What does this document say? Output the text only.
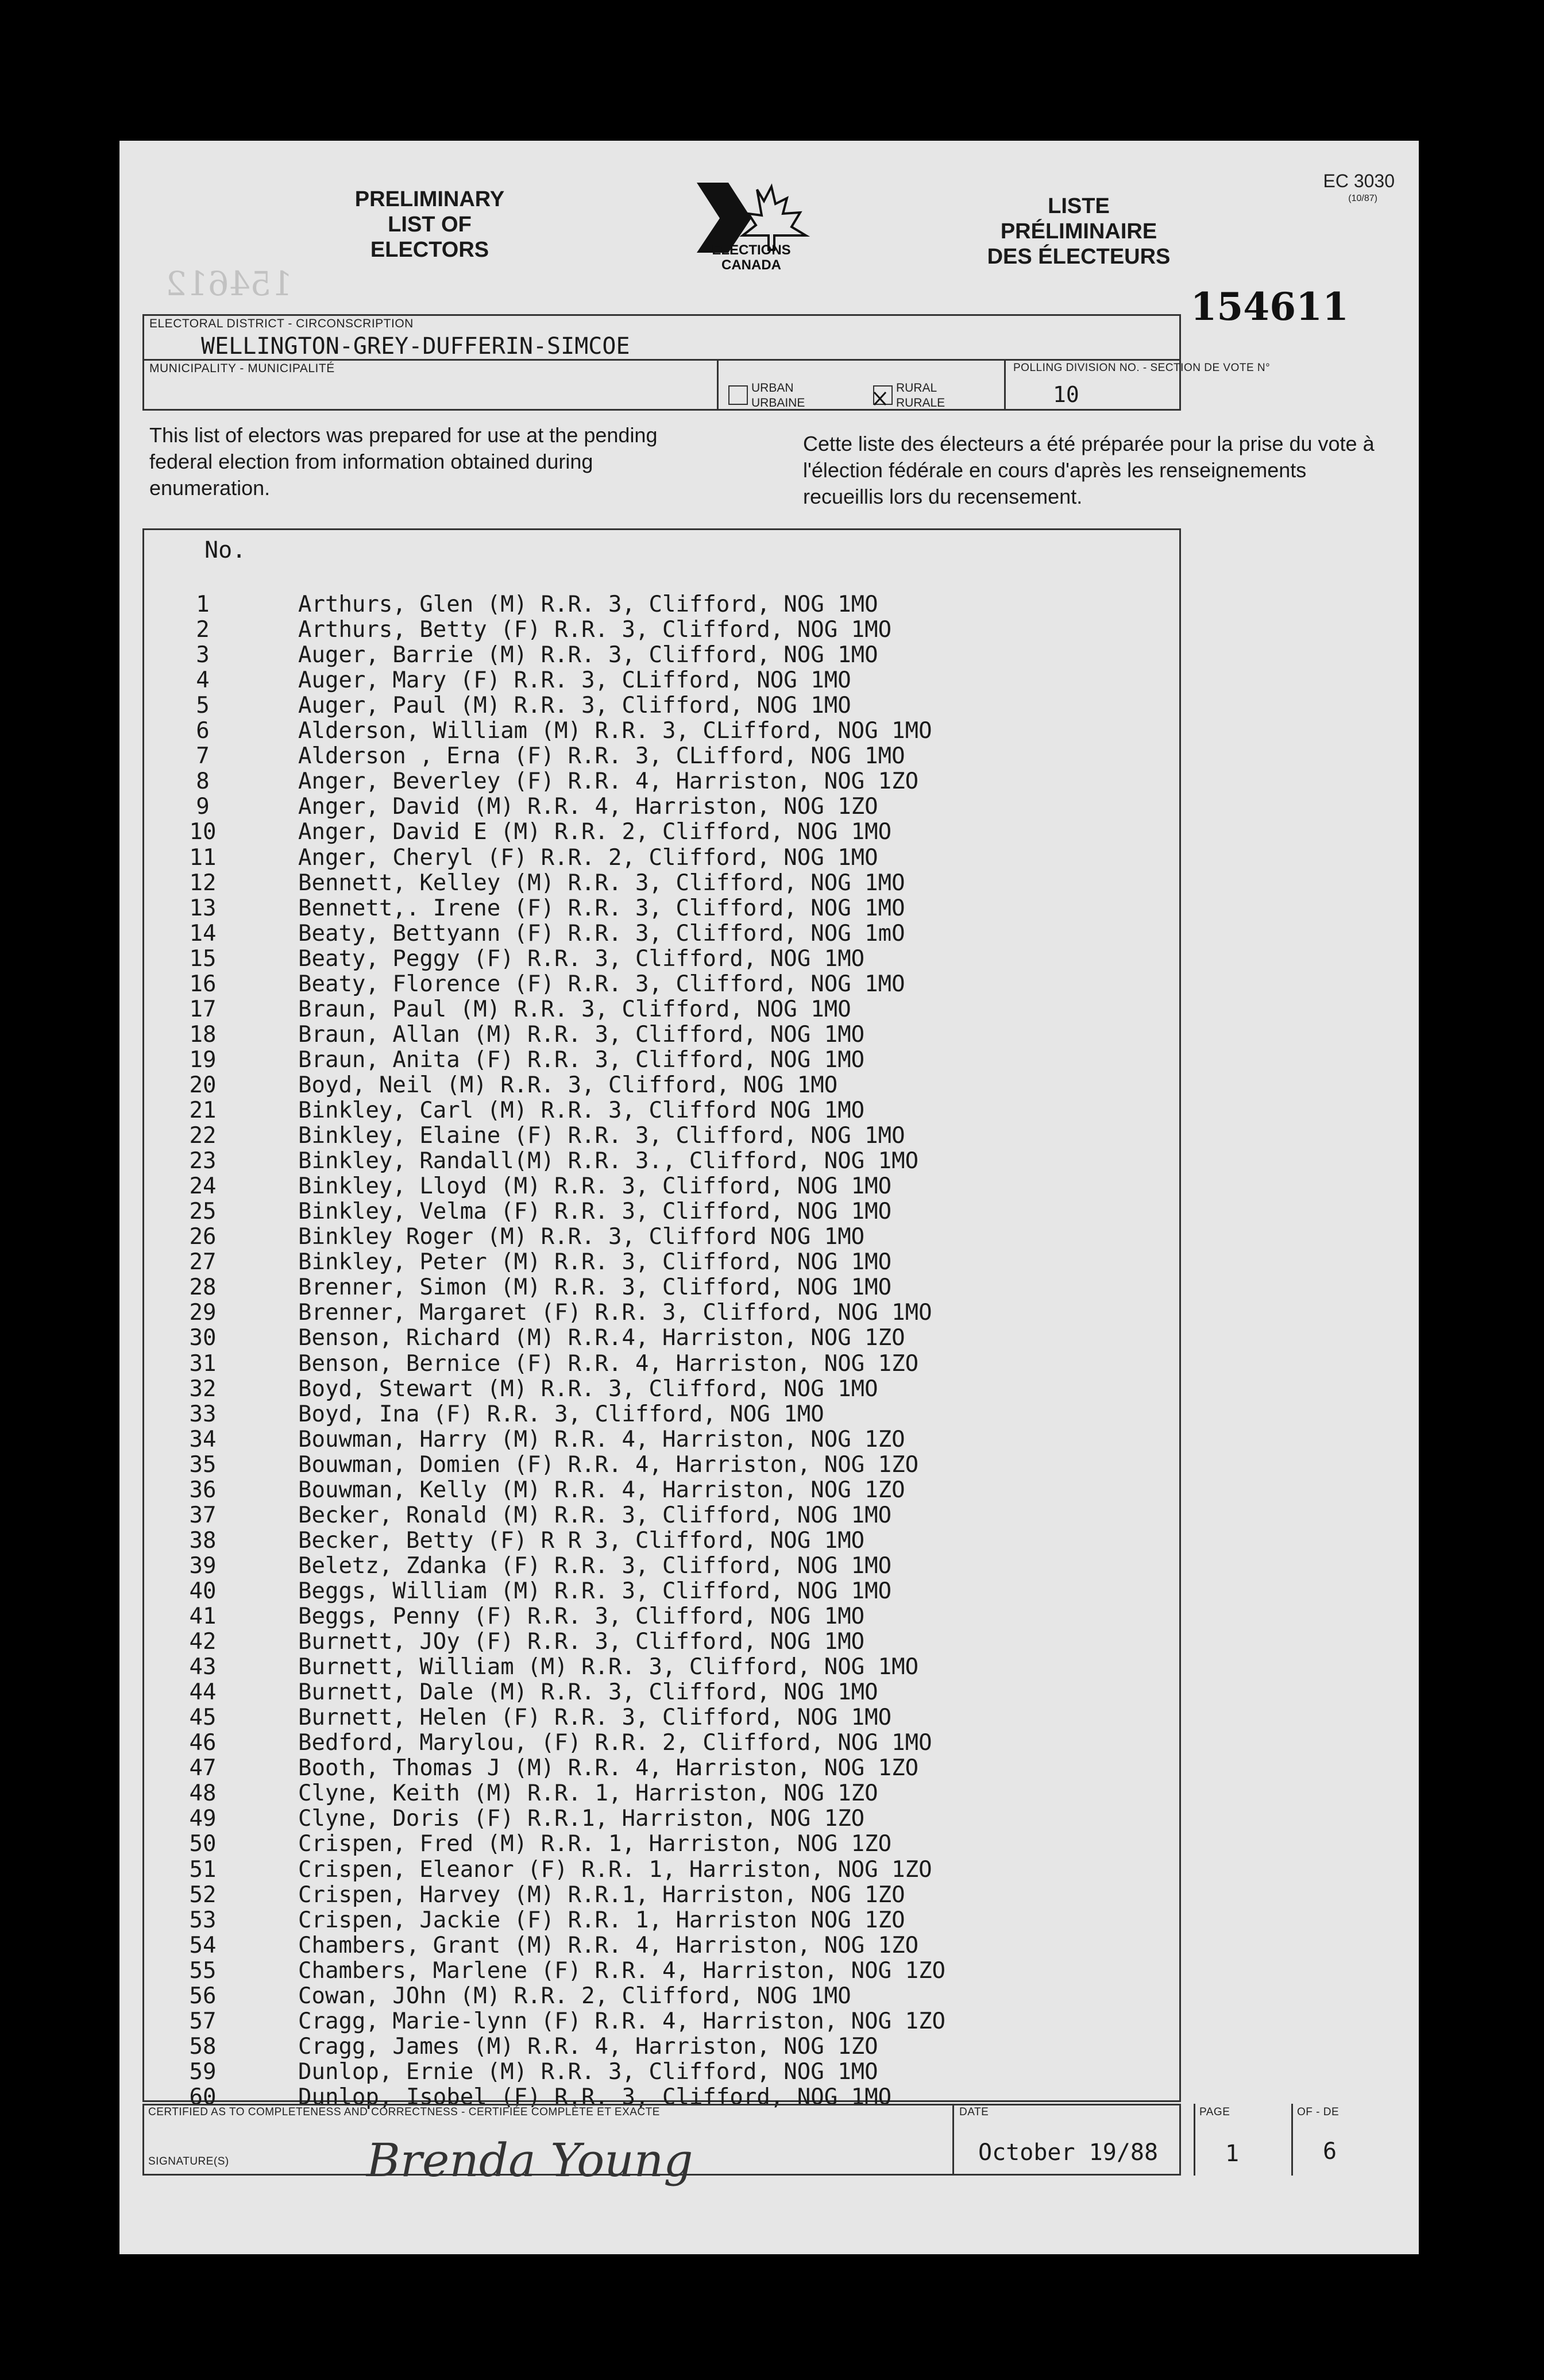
154612
PRELIMINARY
LIST OF
ELECTORS	ELECTIONS
CANADA
LISTE
PRÉLIMINAIRE
DES ÉLECTEURS
EC 3030
(10/87)
154611
ELECTORAL DISTRICT - CIRCONSCRIPTION
WELLINGTON-GREY-DUFFERIN-SIMCOE
MUNICIPALITY - MUNICIPALITÉ
URBAN
URBAINE
RURAL
RURALE
POLLING DIVISION NO. - SECTION DE VOTE N°
10
This list of electors was prepared for use at the pending federal election from information obtained during enumeration.
Cette liste des électeurs a été préparée pour la prise du vote à l'élection fédérale en cours d'après les renseignements recueillis lors du recensement.
No.
1	Arthurs, Glen (M) R.R. 3, Clifford, NOG 1MO
2	Arthurs, Betty (F) R.R. 3, Clifford, NOG 1MO
3	Auger, Barrie (M) R.R. 3, Clifford, NOG 1MO
4	Auger, Mary (F) R.R. 3, CLifford, NOG 1MO
5	Auger, Paul (M) R.R. 3, Clifford, NOG 1MO
6	Alderson, William (M) R.R. 3, CLifford, NOG 1MO
7	Alderson , Erna (F) R.R. 3, CLifford, NOG 1MO
8	Anger, Beverley (F) R.R. 4, Harriston, NOG 1ZO
9	Anger, David (M) R.R. 4, Harriston, NOG 1ZO
10	Anger, David E (M) R.R. 2, Clifford, NOG 1MO
11	Anger, Cheryl (F) R.R. 2, Clifford, NOG 1MO
12	Bennett, Kelley (M) R.R. 3, Clifford, NOG 1MO
13	Bennett,. Irene (F) R.R. 3, Clifford, NOG 1MO
14	Beaty, Bettyann (F) R.R. 3, Clifford, NOG 1mO
15	Beaty, Peggy (F) R.R. 3, Clifford, NOG 1MO
16	Beaty, Florence (F) R.R. 3, Clifford, NOG 1MO
17	Braun, Paul (M) R.R. 3, Clifford, NOG 1MO
18	Braun, Allan (M) R.R. 3, Clifford, NOG 1MO
19	Braun, Anita (F) R.R. 3, Clifford, NOG 1MO
20	Boyd, Neil (M) R.R. 3, Clifford, NOG 1MO
21	Binkley, Carl (M) R.R. 3, Clifford NOG 1MO
22	Binkley, Elaine (F) R.R. 3, Clifford, NOG 1MO
23	Binkley, Randall(M) R.R. 3., Clifford, NOG 1MO
24	Binkley, Lloyd (M) R.R. 3, Clifford, NOG 1MO
25	Binkley, Velma (F) R.R. 3, Clifford, NOG 1MO
26	Binkley Roger (M) R.R. 3, Clifford NOG 1MO
27	Binkley, Peter (M) R.R. 3, Clifford, NOG 1MO
28	Brenner, Simon (M) R.R. 3, Clifford, NOG 1MO
29	Brenner, Margaret (F) R.R. 3, Clifford, NOG 1MO
30	Benson, Richard (M) R.R.4, Harriston, NOG 1ZO
31	Benson, Bernice (F) R.R. 4, Harriston, NOG 1ZO
32	Boyd, Stewart (M) R.R. 3, Clifford, NOG 1MO
33	Boyd, Ina (F) R.R. 3, Clifford, NOG 1MO
34	Bouwman, Harry (M) R.R. 4, Harriston, NOG 1ZO
35	Bouwman, Domien (F) R.R. 4, Harriston, NOG 1ZO
36	Bouwman, Kelly (M) R.R. 4, Harriston, NOG 1ZO
37	Becker, Ronald (M) R.R. 3, Clifford, NOG 1MO
38	Becker, Betty (F) R R 3, Clifford, NOG 1MO
39	Beletz, Zdanka (F) R.R. 3, Clifford, NOG 1MO
40	Beggs, William (M) R.R. 3, Clifford, NOG 1MO
41	Beggs, Penny (F) R.R. 3, Clifford, NOG 1MO
42	Burnett, JOy (F) R.R. 3, Clifford, NOG 1MO
43	Burnett, William (M) R.R. 3, Clifford, NOG 1MO
44	Burnett, Dale (M) R.R. 3, Clifford, NOG 1MO
45	Burnett, Helen (F) R.R. 3, Clifford, NOG 1MO
46	Bedford, Marylou, (F) R.R. 2, Clifford, NOG 1MO
47	Booth, Thomas J (M) R.R. 4, Harriston, NOG 1ZO
48	Clyne, Keith (M) R.R. 1, Harriston, NOG 1ZO
49	Clyne, Doris (F) R.R.1, Harriston, NOG 1ZO
50	Crispen, Fred (M) R.R. 1, Harriston, NOG 1ZO
51	Crispen, Eleanor (F) R.R. 1, Harriston, NOG 1ZO
52	Crispen, Harvey (M) R.R.1, Harriston, NOG 1ZO
53	Crispen, Jackie (F) R.R. 1, Harriston NOG 1ZO
54	Chambers, Grant (M) R.R. 4, Harriston, NOG 1ZO
55	Chambers, Marlene (F) R.R. 4, Harriston, NOG 1ZO
56	Cowan, JOhn (M) R.R. 2, Clifford, NOG 1MO
57	Cragg, Marie-lynn (F) R.R. 4, Harriston, NOG 1ZO
58	Cragg, James (M) R.R. 4, Harriston, NOG 1ZO
59	Dunlop, Ernie (M) R.R. 3, Clifford, NOG 1MO
60	Dunlop, Isobel (F) R.R. 3, Clifford, NOG 1MO
CERTIFIED AS TO COMPLETENESS AND CORRECTNESS - CERTIFIÉE COMPLÈTE ET EXACTE
SIGNATURE(S)	Brenda Young
DATE
October 19/88
PAGE
1
OF - DE
6
